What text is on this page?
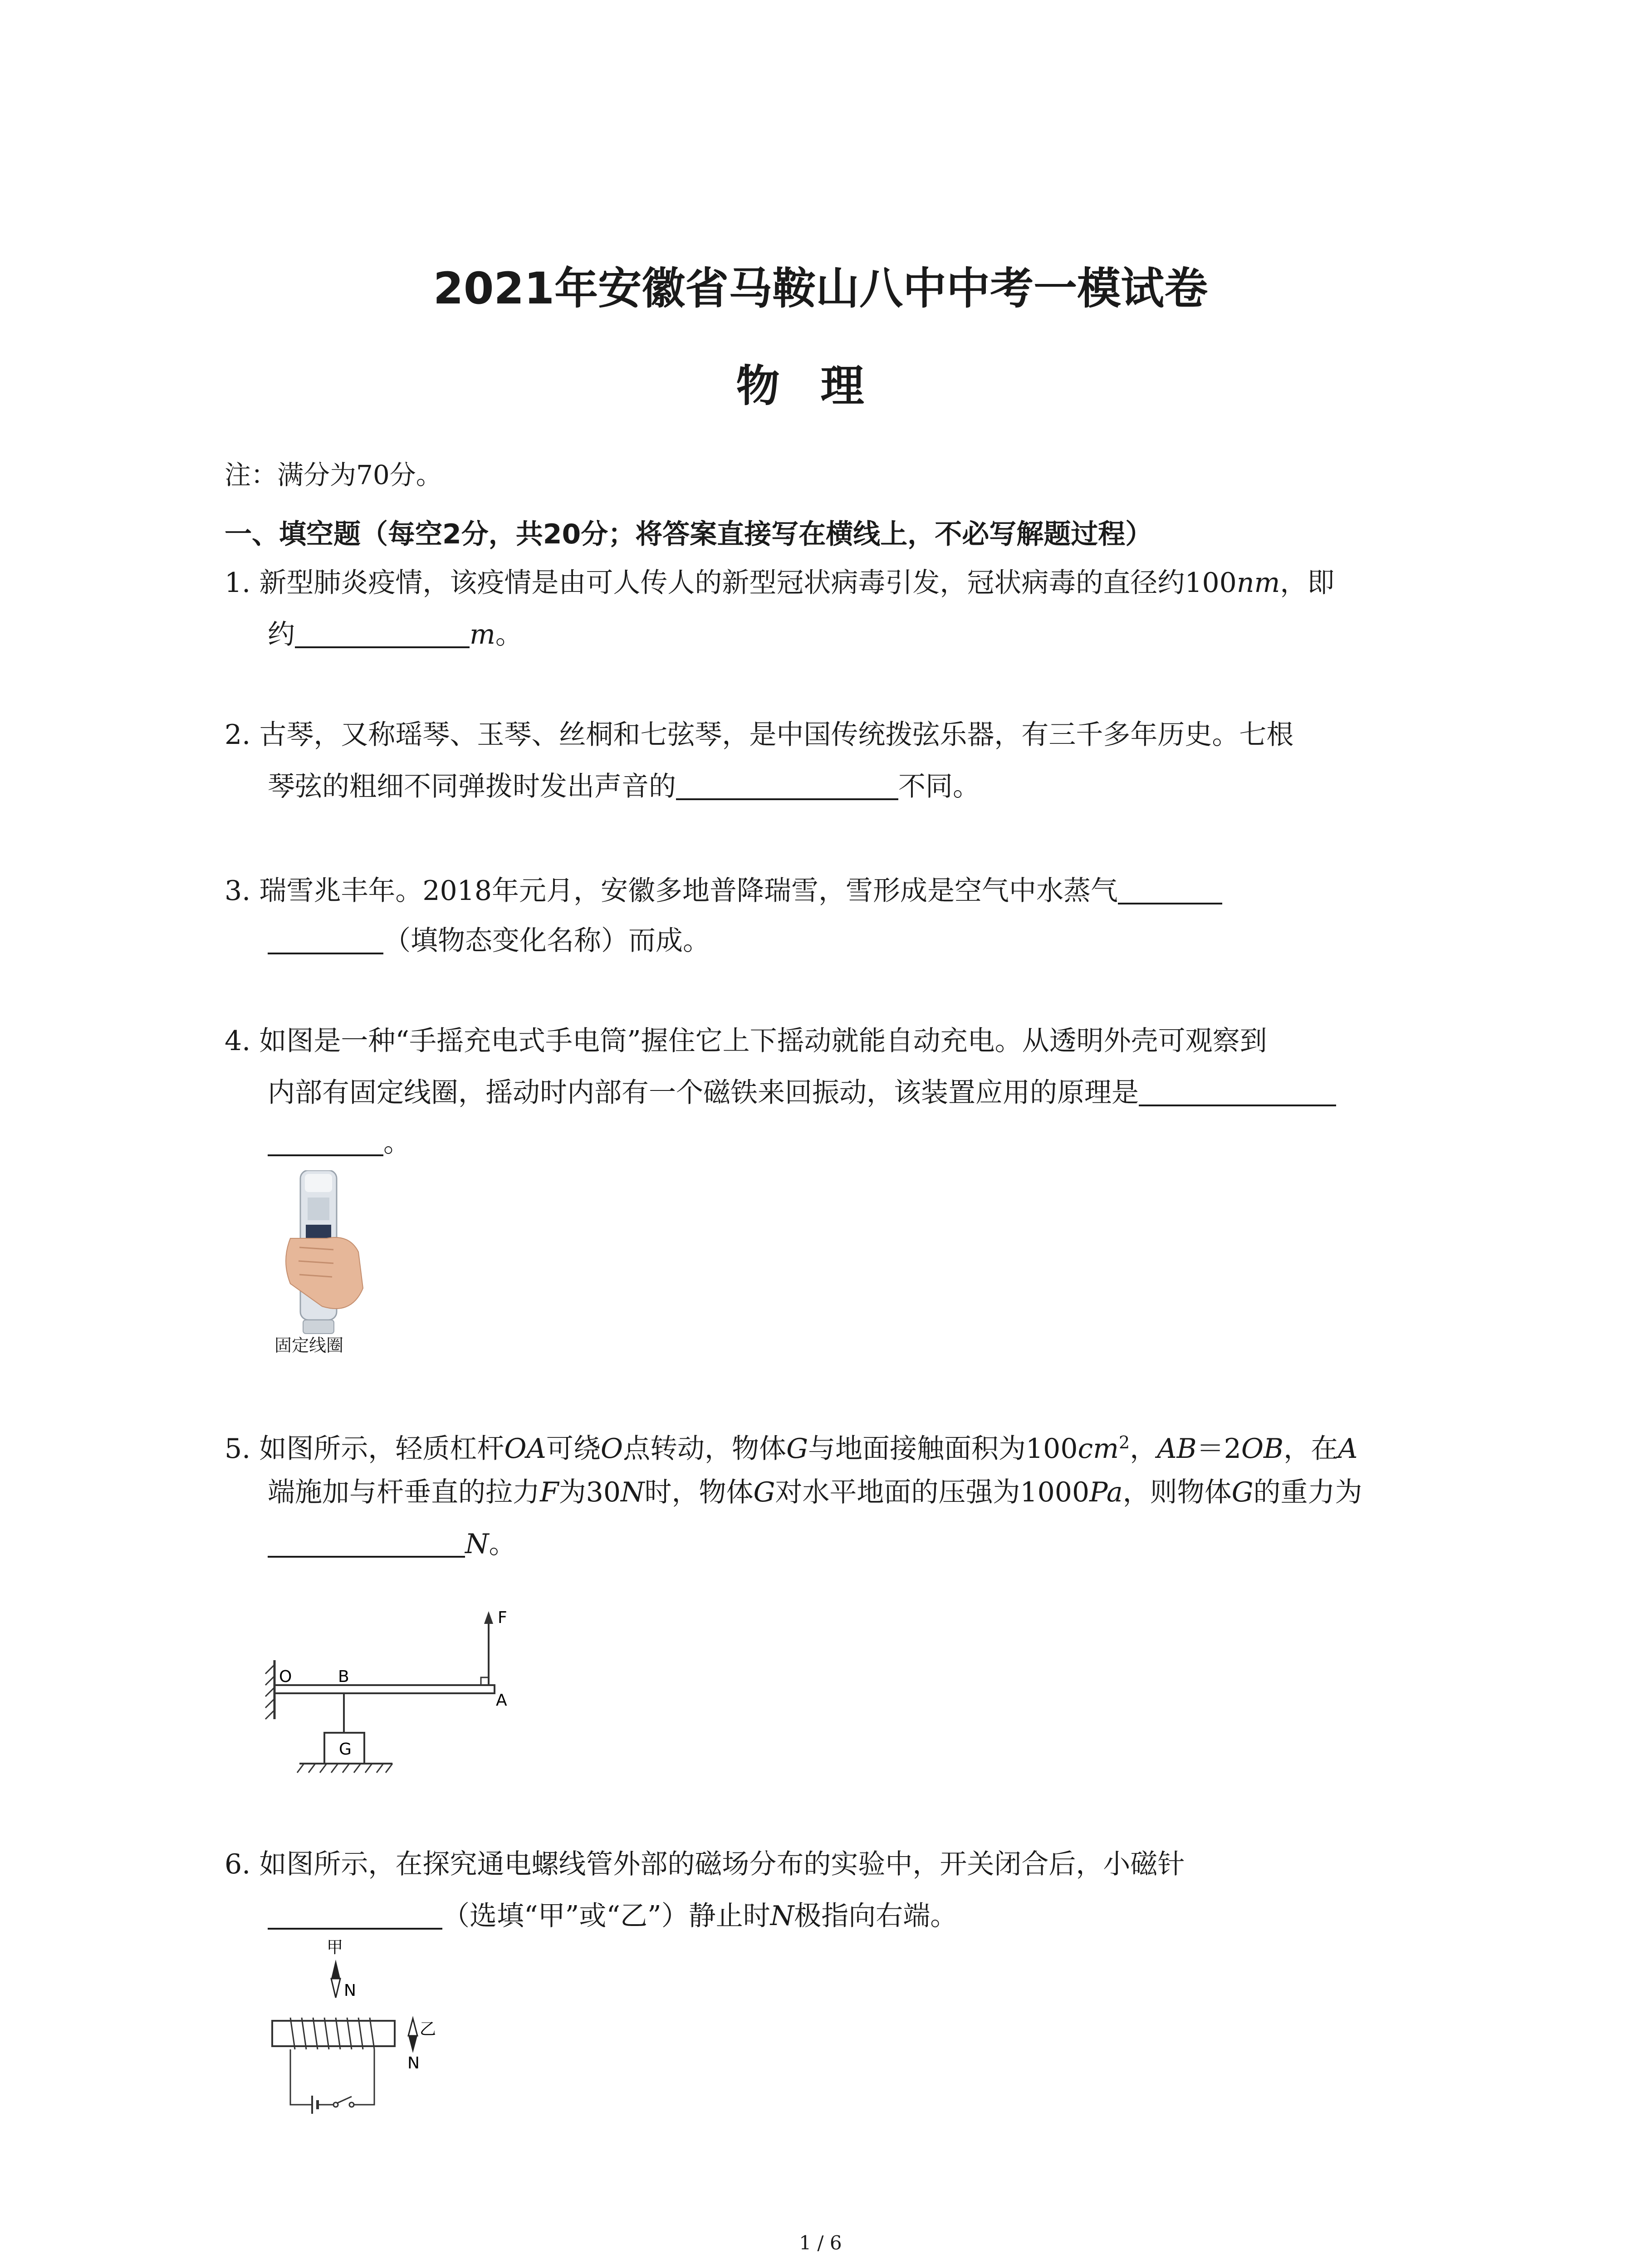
2021年安徽省马鞍山八中中考一模试卷
物理
注：满分为70分。
一、填空题（每空2分，共20分；将答案直接写在横线上，不必写解题过程）
1. 新型肺炎疫情，该疫情是由可人传人的新型冠状病毒引发，冠状病毒的直径约100nm，即
约	m。
2. 古琴，又称瑶琴、玉琴、丝桐和七弦琴，是中国传统拨弦乐器，有三千多年历史。七根
琴弦的粗细不同弹拨时发出声音的	不同。
3. 瑞雪兆丰年。2018年元月，安徽多地普降瑞雪，雪形成是空气中水蒸气
（填物态变化名称）而成。
4. 如图是一种“手摇充电式手电筒”握住它上下摇动就能自动充电。从透明外壳可观察到
内部有固定线圈，摇动时内部有一个磁铁来回振动，该装置应用的原理是
。
固定线圈
5. 如图所示，轻质杠杆OA可绕O点转动，物体G与地面接触面积为$100cm^2$，AB＝2OB，在A
端施加与杆垂直的拉力F为30N时，物体G对水平地面的压强为1000Pa，则物体G的重力为
N。
F
O	B
A
G
6. 如图所示，在探究通电螺线管外部的磁场分布的实验中，开关闭合后，小磁针
（选填“甲”或“乙”）静止时N极指向右端。
甲
N
乙
N
1 / 6
